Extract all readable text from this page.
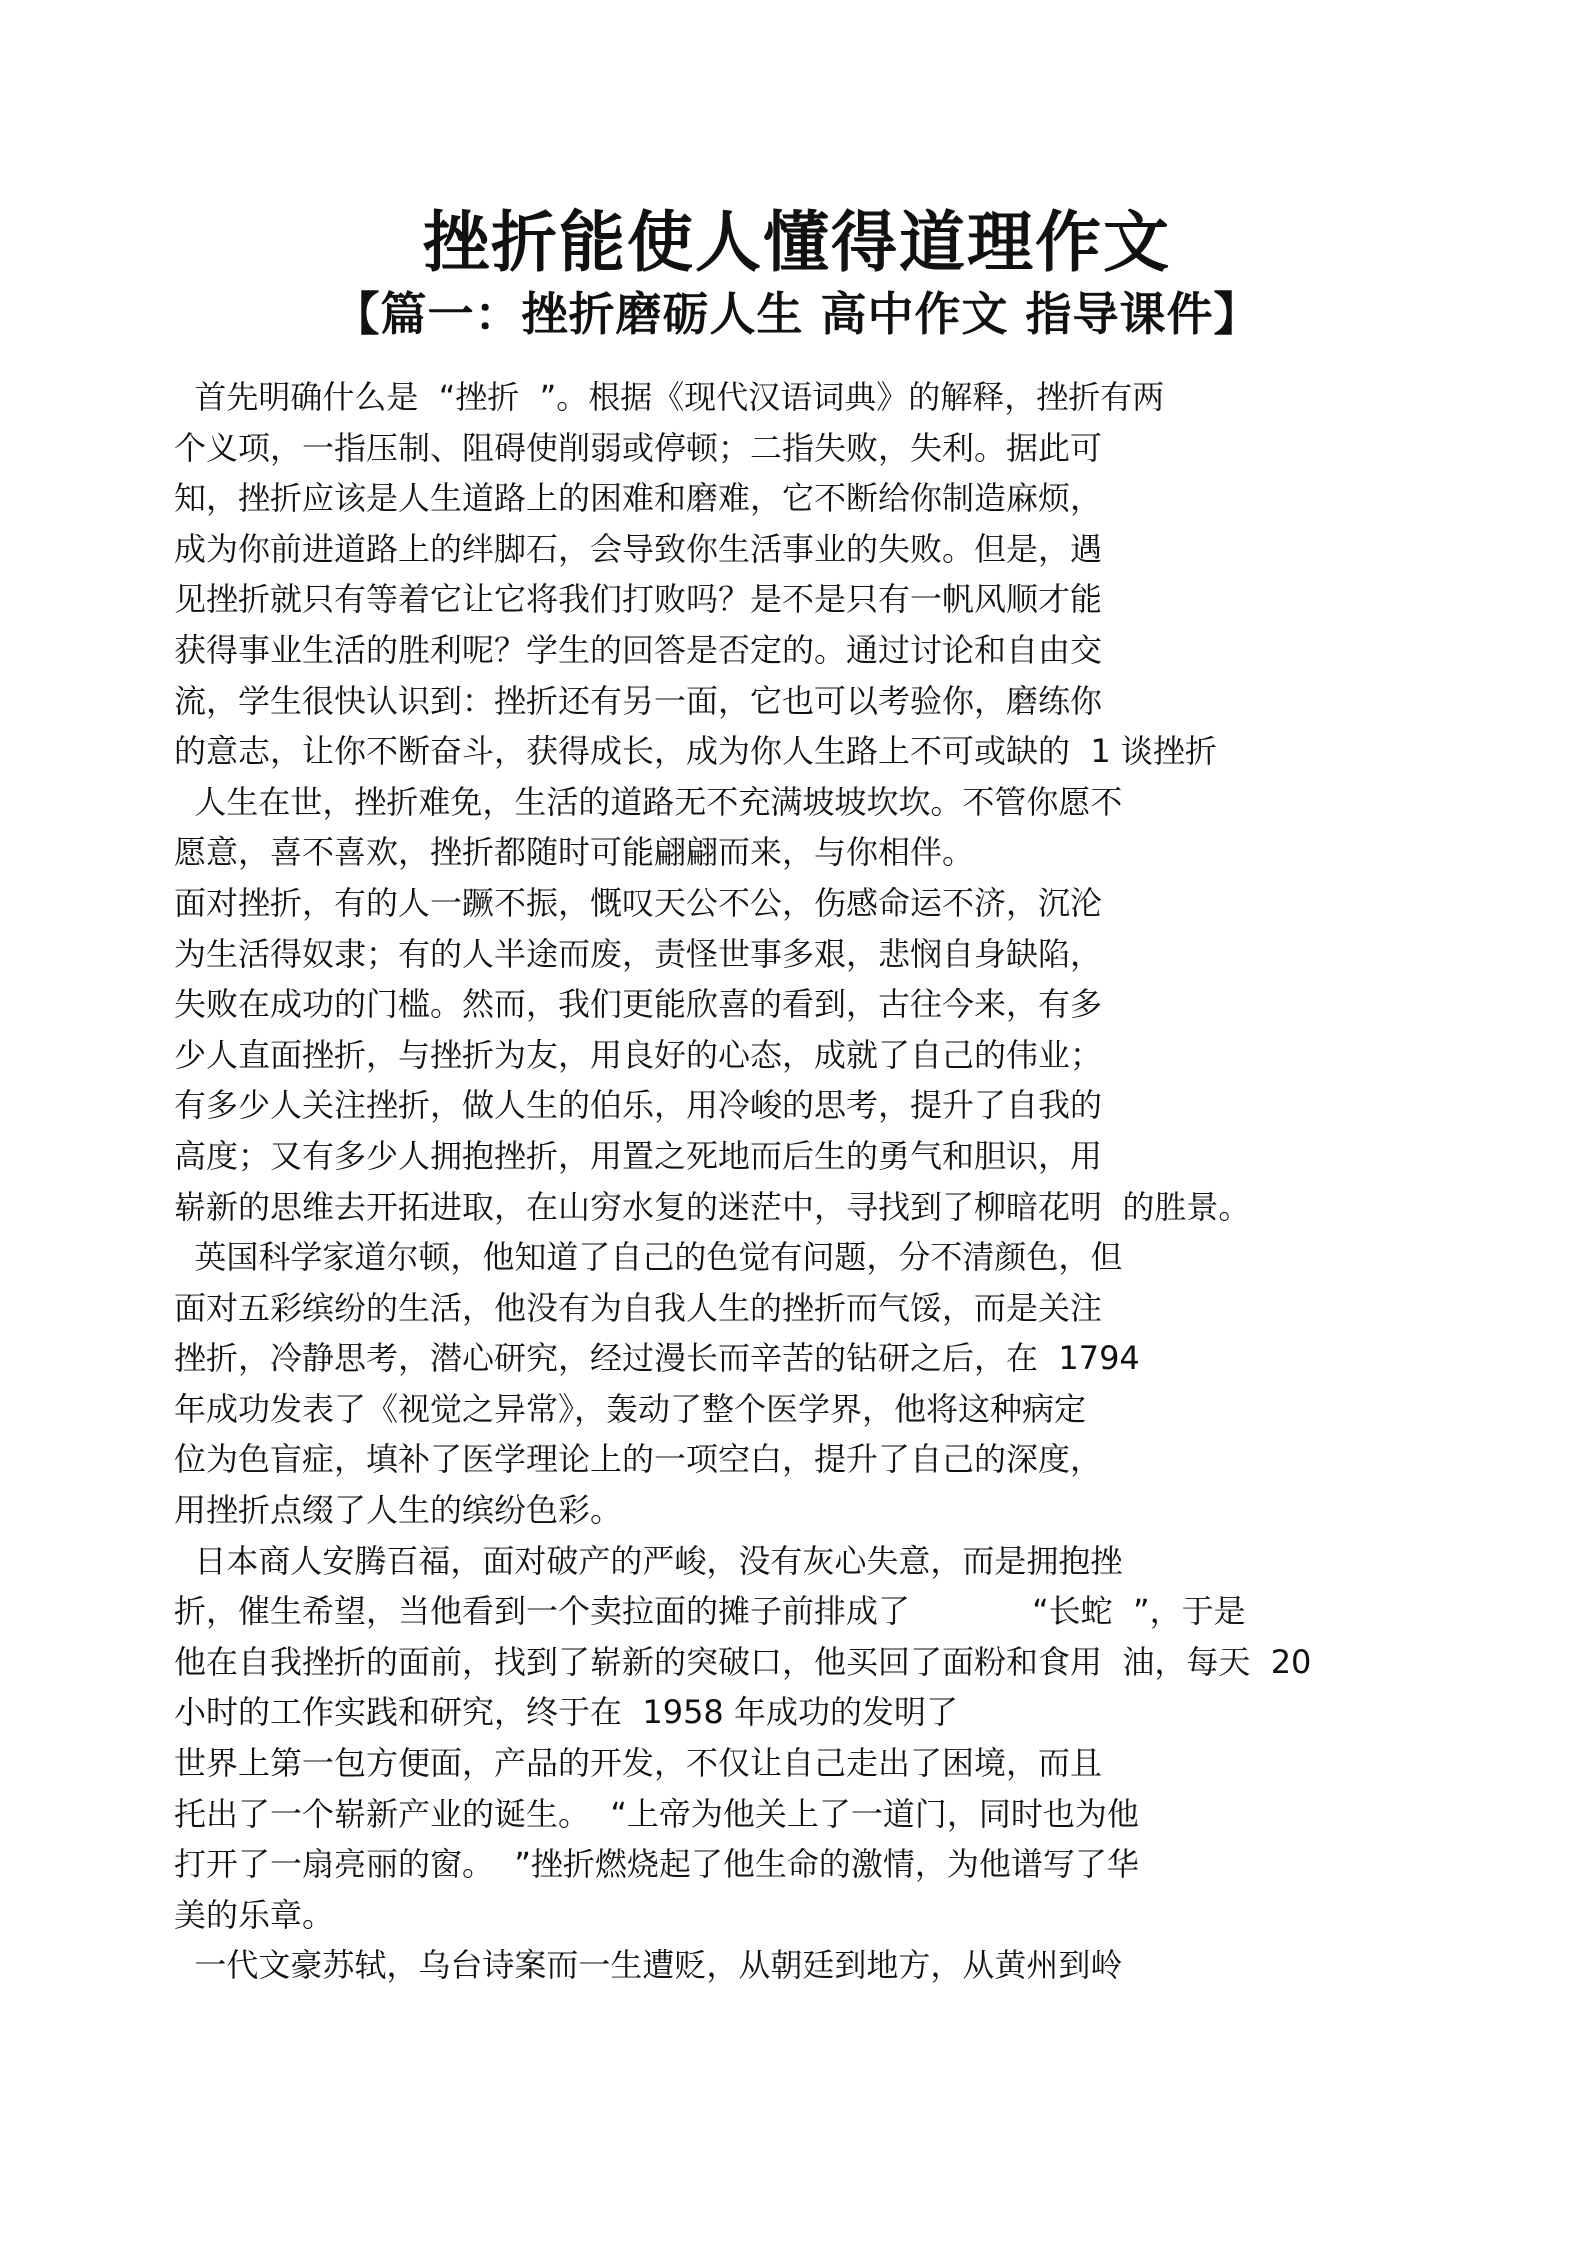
挫折能使人懂得道理作文
【篇一：挫折磨砺人生 高中作文 指导课件】
首先明确什么是  “挫折  ”。根据《现代汉语词典》的解释，挫折有两
个义项，一指压制、阻碍使削弱或停顿；二指失败，失利。据此可
知，挫折应该是人生道路上的困难和磨难，它不断给你制造麻烦，
成为你前进道路上的绊脚石，会导致你生活事业的失败。但是，遇
见挫折就只有等着它让它将我们打败吗？是不是只有一帆风顺才能
获得事业生活的胜利呢？学生的回答是否定的。通过讨论和自由交
流，学生很快认识到：挫折还有另一面，它也可以考验你，磨练你
的意志，让你不断奋斗，获得成长，成为你人生路上不可或缺的  1 谈挫折
人生在世，挫折难免，生活的道路无不充满坡坡坎坎。不管你愿不
愿意，喜不喜欢，挫折都随时可能翩翩而来，与你相伴。
面对挫折，有的人一蹶不振，慨叹天公不公，伤感命运不济，沉沦
为生活得奴隶；有的人半途而废，责怪世事多艰，悲悯自身缺陷，
失败在成功的门槛。然而，我们更能欣喜的看到，古往今来，有多
少人直面挫折，与挫折为友，用良好的心态，成就了自己的伟业；
有多少人关注挫折，做人生的伯乐，用冷峻的思考，提升了自我的
高度；又有多少人拥抱挫折，用置之死地而后生的勇气和胆识，用
崭新的思维去开拓进取，在山穷水复的迷茫中，寻找到了柳暗花明  的胜景。
英国科学家道尔顿，他知道了自己的色觉有问题，分不清颜色，但
面对五彩缤纷的生活，他没有为自我人生的挫折而气馁，而是关注
挫折，冷静思考，潜心研究，经过漫长而辛苦的钻研之后，在  1794
年成功发表了《视觉之异常》，轰动了整个医学界，他将这种病定
位为色盲症，填补了医学理论上的一项空白，提升了自己的深度，
用挫折点缀了人生的缤纷色彩。
日本商人安腾百福，面对破产的严峻，没有灰心失意，而是拥抱挫
折，催生希望，当他看到一个卖拉面的摊子前排成了            “长蛇  ”，于是
他在自我挫折的面前，找到了崭新的突破口，他买回了面粉和食用  油，每天  20
小时的工作实践和研究，终于在  1958 年成功的发明了
世界上第一包方便面，产品的开发，不仅让自己走出了困境，而且
托出了一个崭新产业的诞生。  “上帝为他关上了一道门，同时也为他
打开了一扇亮丽的窗。  ”挫折燃烧起了他生命的激情，为他谱写了华
美的乐章。
一代文豪苏轼，乌台诗案而一生遭贬，从朝廷到地方，从黄州到岭
